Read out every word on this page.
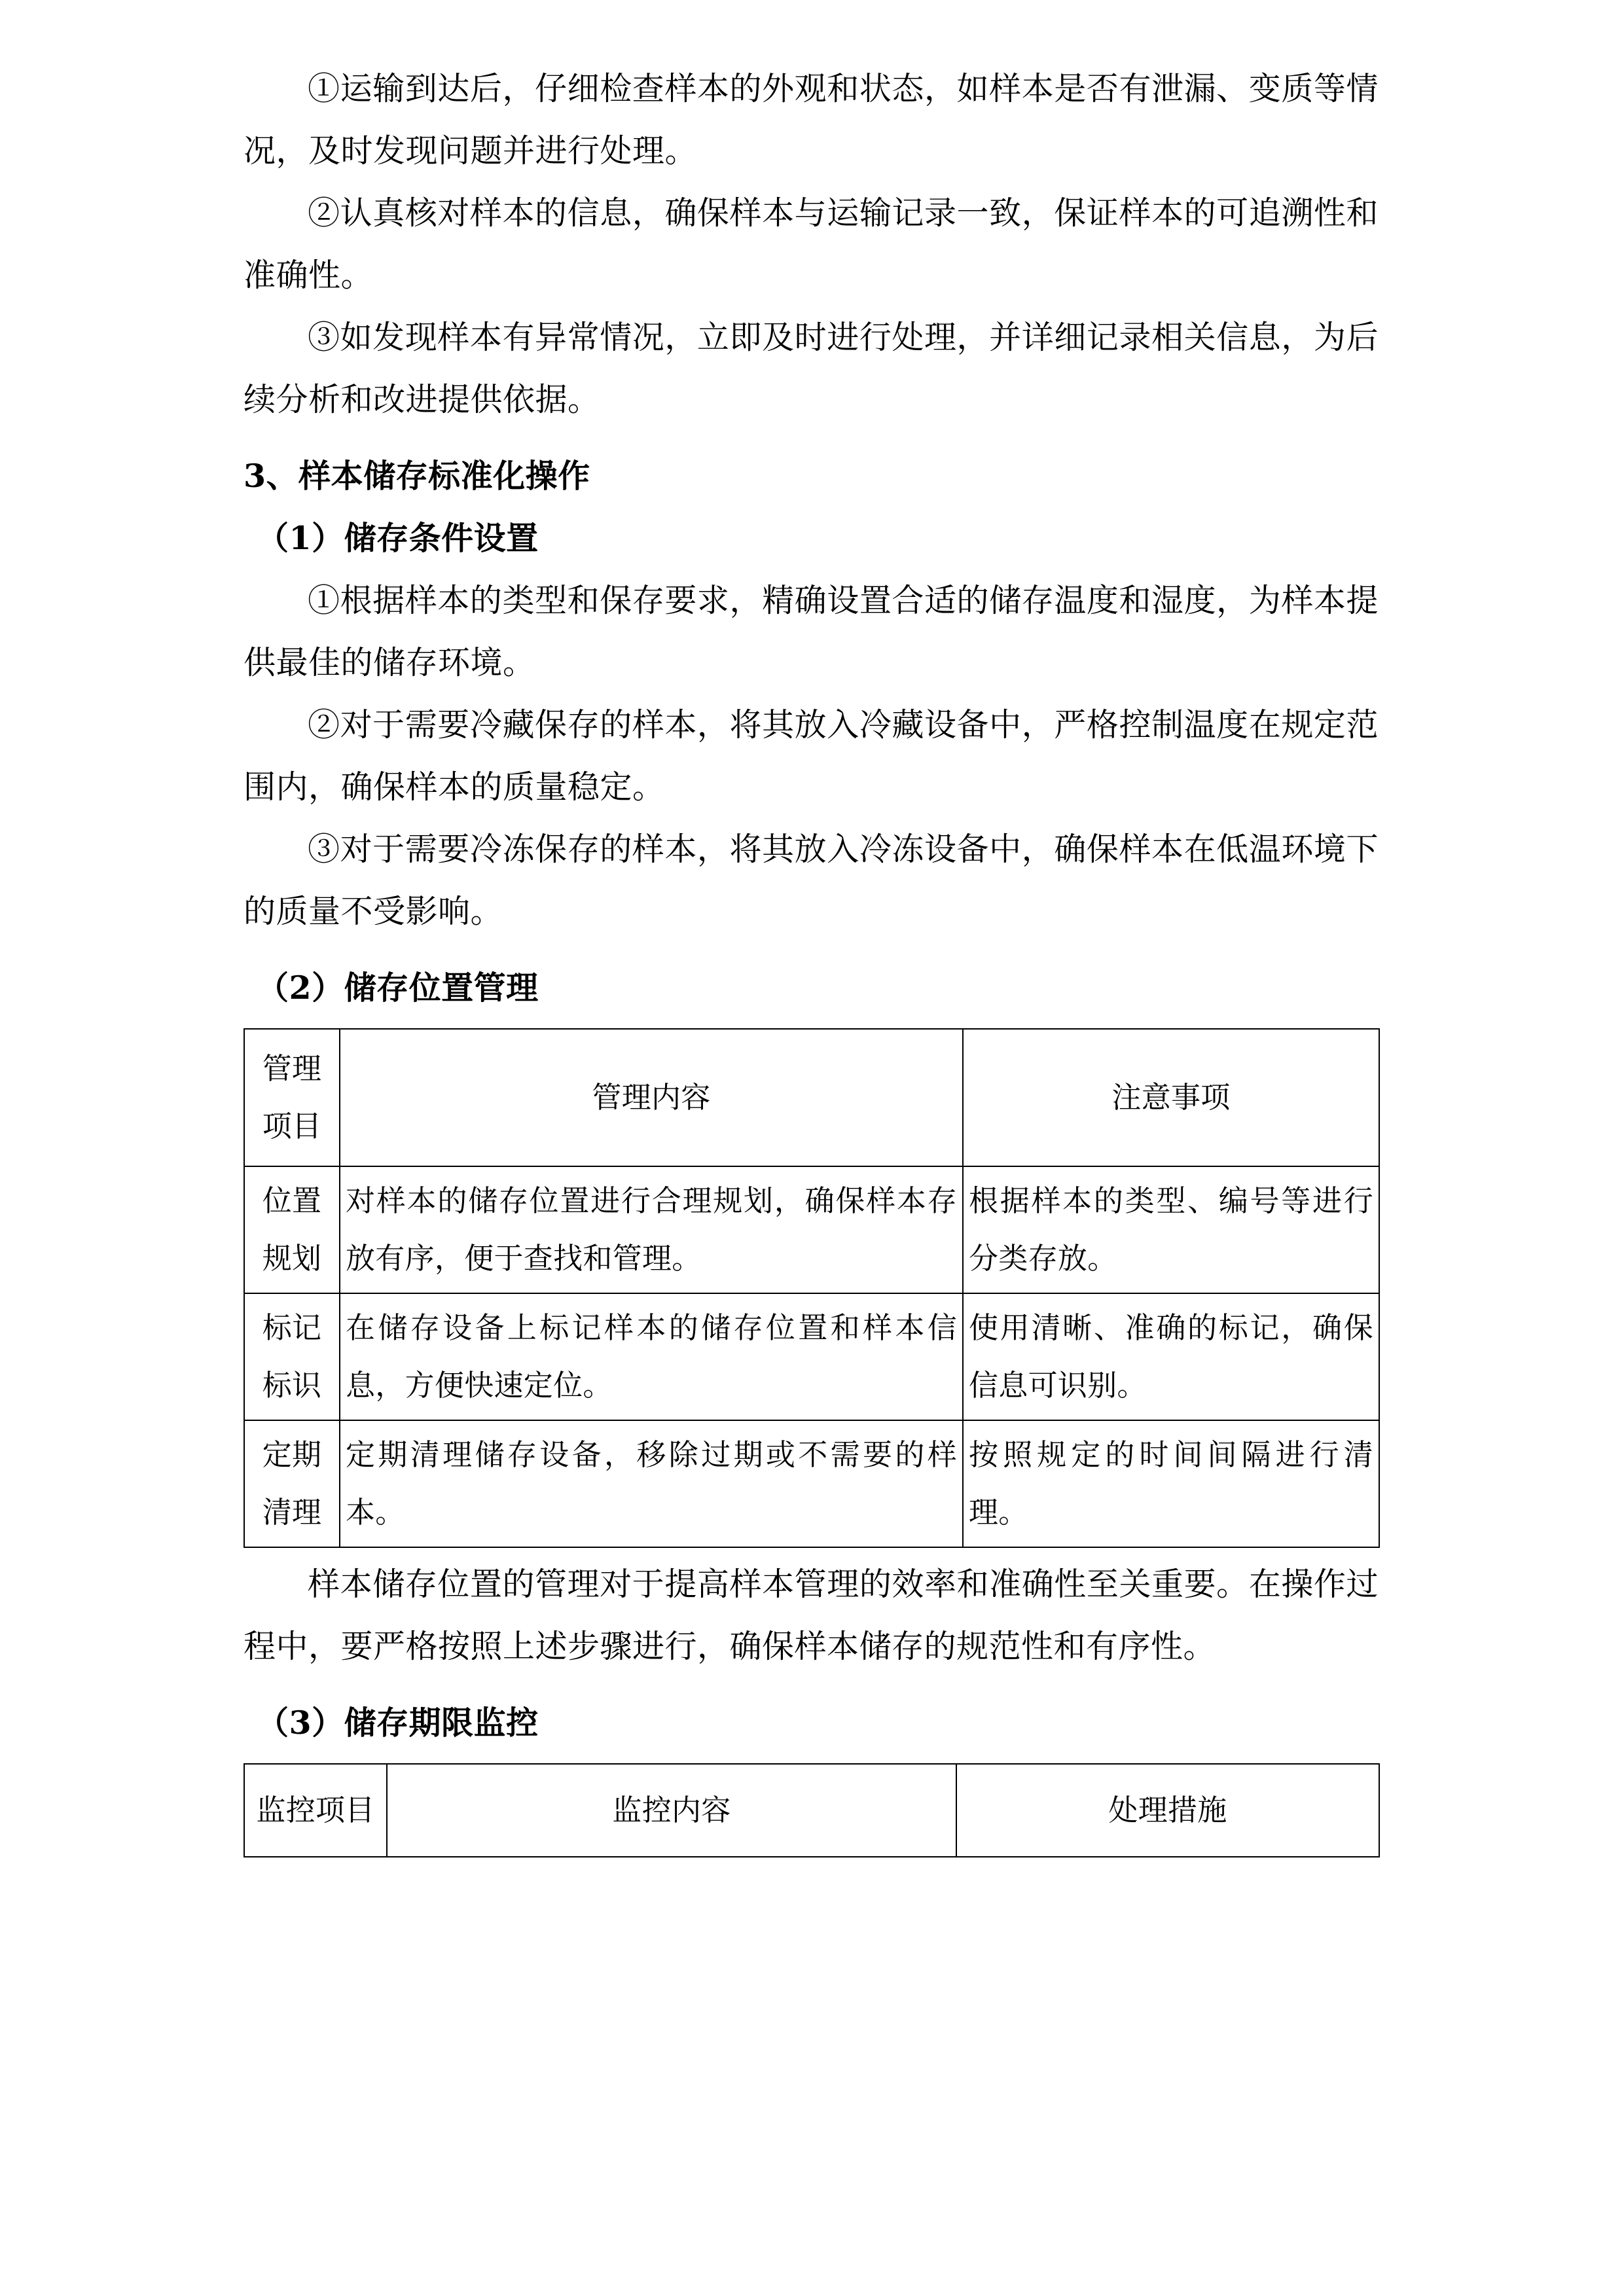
①运输到达后，仔细检查样本的外观和状态，如样本是否有泄漏、变质等情况，及时发现问题并进行处理。

②认真核对样本的信息，确保样本与运输记录一致，保证样本的可追溯性和准确性。

③如发现样本有异常情况，立即及时进行处理，并详细记录相关信息，为后续分析和改进提供依据。

3、样本储存标准化操作
（1）储存条件设置

①根据样本的类型和保存要求，精确设置合适的储存温度和湿度，为样本提供最佳的储存环境。

②对于需要冷藏保存的样本，将其放入冷藏设备中，严格控制温度在规定范围内，确保样本的质量稳定。

③对于需要冷冻保存的样本，将其放入冷冻设备中，确保样本在低温环境下的质量不受影响。

（2）储存位置管理
管理
项目	管理内容	注意事项

位置
规划	对样本的储存位置进行合理规划，确保样本存放有序，便于查找和管理。	根据样本的类型、编号等进行分类存放。

标记
标识	在储存设备上标记样本的储存位置和样本信息，方便快速定位。	使用清晰、准确的标记，确保信息可识别。

定期
清理	定期清理储存设备，移除过期或不需要的样本。	按照规定的时间间隔进行清理。

样本储存位置的管理对于提高样本管理的效率和准确性至关重要。在操作过程中，要严格按照上述步骤进行，确保样本储存的规范性和有序性。

（3）储存期限监控
监控项目	监控内容	处理措施
